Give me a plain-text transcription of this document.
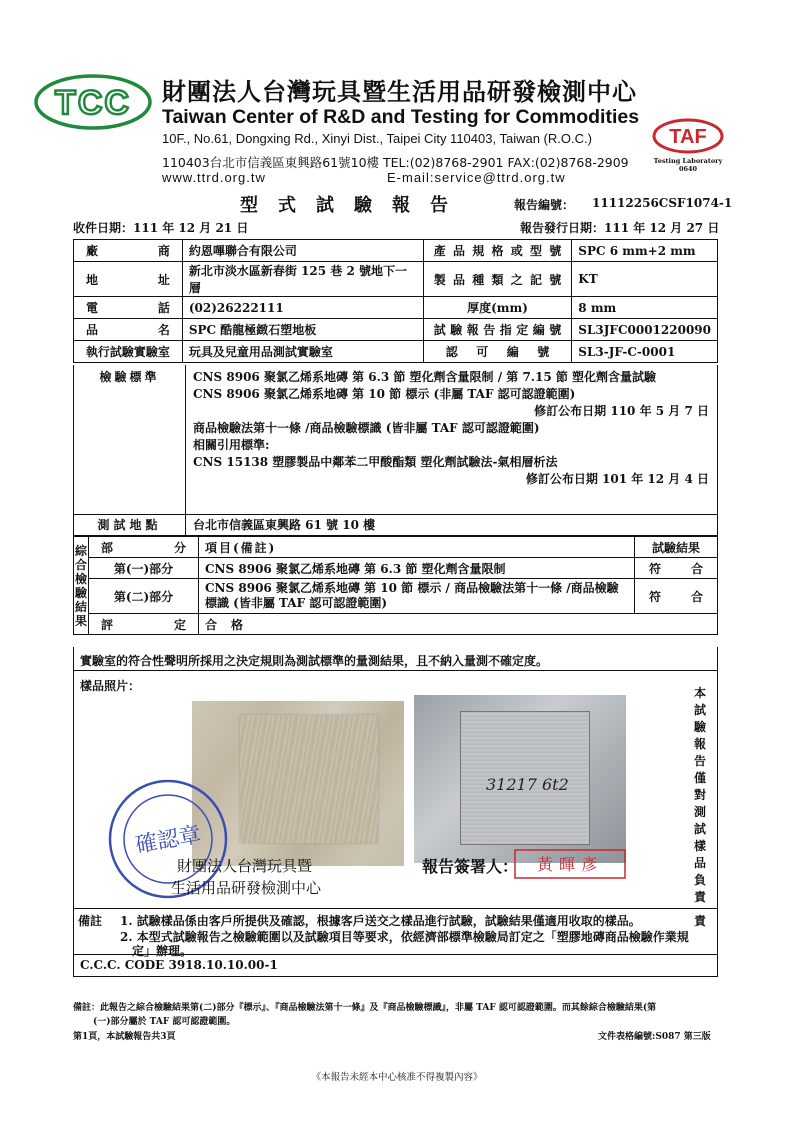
TCC 財團法人台灣玩具暨生活用品研發檢測中心
Taiwan Center of R&D and Testing for Commodities
10F., No.61, Dongxing Rd., Xinyi Dist., Taipei City 110403, Taiwan (R.O.C.)
110403台北市信義區東興路61號10樓 TEL:(02)8768-2901 FAX:(02)8768-2909
www.ttrd.org.tw	E-mail:service@ttrd.org.tw
TAF
Testing Laboratory
0640
型式試驗報告	報告編號： 11112256CSF1074-1
收件日期：111 年 12 月 21 日	報告發行日期：111 年 12 月 27 日
廠商	約恩嗶聯合有限公司	產品規格或型號	SPC 6 mm+2 mm
地址	新北市淡水區新春街 125 巷 2 號地下一層	製品種類之記號	KT
電話	(02)26222111	厚度(mm)	8 mm
品名	SPC 酷龍極緻石塑地板	試驗報告指定編號	SL3JFC0001220090
執行試驗實驗室	玩具及兒童用品測試實驗室	認可編號	SL3-JF-C-0001
檢驗標準	CNS 8906 聚氯乙烯系地磚 第 6.3 節 塑化劑含量限制 / 第 7.15 節 塑化劑含量試驗
CNS 8906 聚氯乙烯系地磚 第 10 節 標示 (非屬 TAF 認可認證範圍)
修訂公布日期 110 年 5 月 7 日
商品檢驗法第十一條 /商品檢驗標識 (皆非屬 TAF 認可認證範圍)
相關引用標準:
CNS 15138 塑膠製品中鄰苯二甲酸酯類 塑化劑試驗法-氣相層析法
修訂公布日期 101 年 12 月 4 日
測試地點	台北市信義區東興路 61 號 10 樓
綜合檢驗結果	部分	項目(備註)	試驗結果
	第(一)部分	CNS 8906 聚氯乙烯系地磚 第 6.3 節 塑化劑含量限制	符合
	第(二)部分	CNS 8906 聚氯乙烯系地磚 第 10 節 標示 / 商品檢驗法第十一條 /商品檢驗標識 (皆非屬 TAF 認可認證範圍)	符合
	評定	合格	
實驗室的符合性聲明所採用之決定規則為測試標準的量測結果，且不納入量測不確定度。
樣品照片：	本試驗報告僅對測試樣品負責
31217 6t2
確認章
財團法人台灣玩具暨
生活用品研發檢測中心
報告簽署人： 黃暉彥
備註 1. 試驗樣品係由客戶所提供及確認，根據客戶送交之樣品進行試驗，試驗結果僅適用收取的樣品。
2. 本型式試驗報告之檢驗範圍以及試驗項目等要求，依經濟部標準檢驗局訂定之「塑膠地磚商品檢驗作業規
定」辦理。
責
C.C.C. CODE 3918.10.10.00-1
備註：此報告之綜合檢驗結果第(二)部分『標示』、『商品檢驗法第十一條』及『商品檢驗標識』，非屬 TAF 認可認證範圍。而其餘綜合檢驗結果(第
(一)部分屬於 TAF 認可認證範圍。
第1頁，本試驗報告共3頁	文件表格編號:S087 第三版
《本報告未經本中心核准不得複製內容》
